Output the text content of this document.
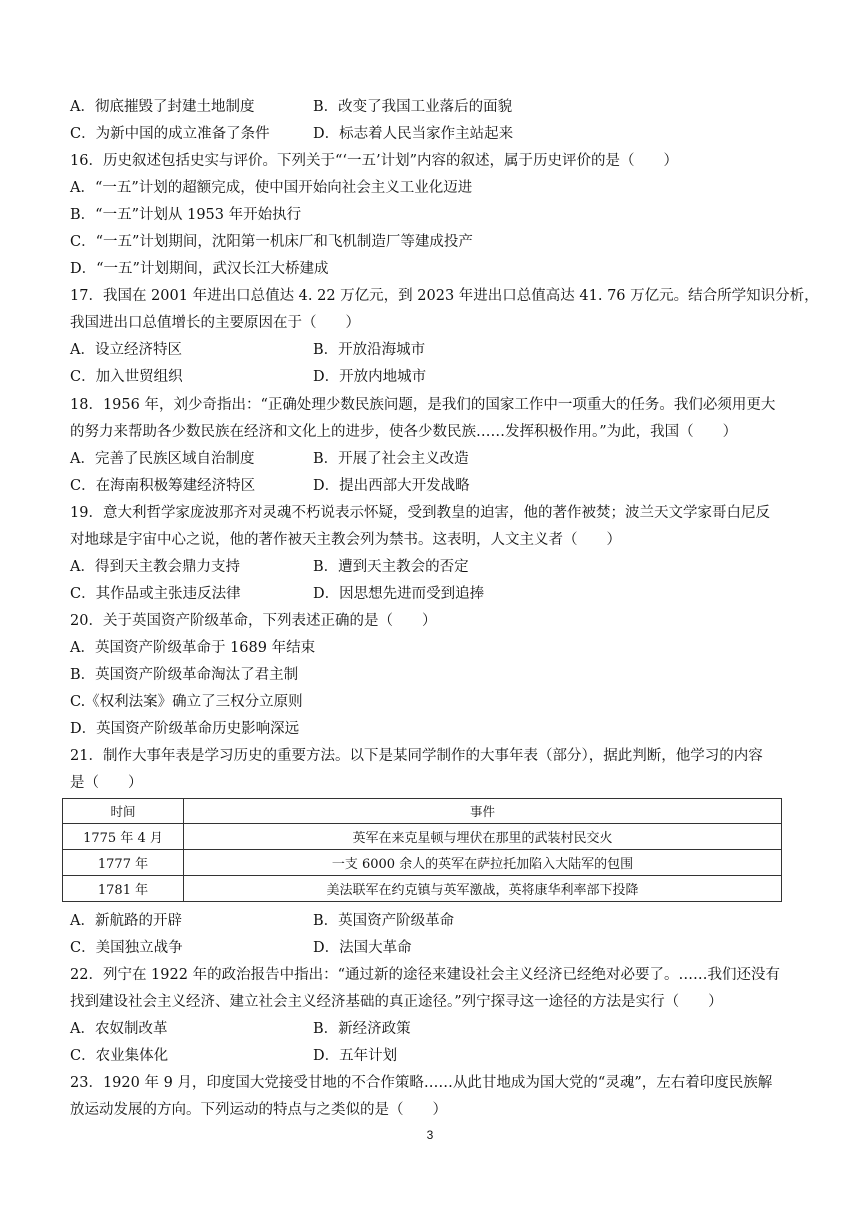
A．彻底摧毁了封建土地制度	B．改变了我国工业落后的面貌
C．为新中国的成立准备了条件	D．标志着人民当家作主站起来
16．历史叙述包括史实与评价。下列关于“‘一五’计划”内容的叙述，属于历史评价的是（　　）
A．“一五”计划的超额完成，使中国开始向社会主义工业化迈进
B．“一五”计划从 1953 年开始执行
C．“一五”计划期间，沈阳第一机床厂和飞机制造厂等建成投产
D．“一五”计划期间，武汉长江大桥建成
17．我国在 2001 年进出口总值达 4. 22 万亿元，到 2023 年进出口总值高达 41. 76 万亿元。结合所学知识分析，
我国进出口总值增长的主要原因在于（　　）
A．设立经济特区	B．开放沿海城市
C．加入世贸组织	D．开放内地城市
18．1956 年，刘少奇指出：“正确处理少数民族问题，是我们的国家工作中一项重大的任务。我们必须用更大
的努力来帮助各少数民族在经济和文化上的进步，使各少数民族……发挥积极作用。”为此，我国（　　）
A．完善了民族区域自治制度	B．开展了社会主义改造
C．在海南积极筹建经济特区	D．提出西部大开发战略
19．意大利哲学家庞波那齐对灵魂不朽说表示怀疑，受到教皇的迫害，他的著作被焚；波兰天文学家哥白尼反
对地球是宇宙中心之说，他的著作被天主教会列为禁书。这表明，人文主义者（　　）
A．得到天主教会鼎力支持	B．遭到天主教会的否定
C．其作品或主张违反法律	D．因思想先进而受到追捧
20．关于英国资产阶级革命，下列表述正确的是（　　）
A．英国资产阶级革命于 1689 年结束
B．英国资产阶级革命淘汰了君主制
C.《权利法案》确立了三权分立原则
D．英国资产阶级革命历史影响深远
21．制作大事年表是学习历史的重要方法。以下是某同学制作的大事年表（部分），据此判断，他学习的内容
是（　　）
时间	事件
1775 年 4 月	英军在来克星顿与埋伏在那里的武装村民交火
1777 年	一支 6000 余人的英军在萨拉托加陷入大陆军的包围
1781 年	美法联军在约克镇与英军激战，英将康华利率部下投降
A．新航路的开辟	B．英国资产阶级革命
C．美国独立战争	D．法国大革命
22．列宁在 1922 年的政治报告中指出：“通过新的途径来建设社会主义经济已经绝对必要了。……我们还没有
找到建设社会主义经济、建立社会主义经济基础的真正途径。”列宁探寻这一途径的方法是实行（　　）
A．农奴制改革	B．新经济政策
C．农业集体化	D．五年计划
23．1920 年 9 月，印度国大党接受甘地的不合作策略……从此甘地成为国大党的“灵魂”，左右着印度民族解
放运动发展的方向。下列运动的特点与之类似的是（　　）
3
